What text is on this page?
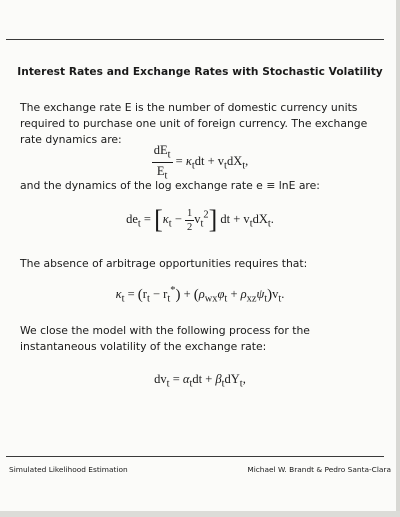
Interest Rates and Exchange Rates with Stochastic Volatility
The exchange rate E is the number of domestic currency units required to purchase one unit of foreign currency. The exchange rate dynamics are:
$\frac{dE_t}{E_t} = \kappa_tdt + v_tdX_t$,
and the dynamics of the log exchange rate e ≡ lnE are:
$de_t = [\kappa_t - \frac{1}{2} v_t^2]$ dt + $v_tdX_t$.
The absence of arbitrage opportunities requires that:
$\kappa_t = (r_t - r_t^*) + (\rho_{wx}\varphi_t + \rho_{xz}\psi_t)v_t$.
We close the model with the following process for the instantaneous volatility of the exchange rate:
$dv_t = \alpha_tdt + \beta_tdY_t$,
Simulated Likelihood Estimation	Michael W. Brandt & Pedro Santa-Clara
